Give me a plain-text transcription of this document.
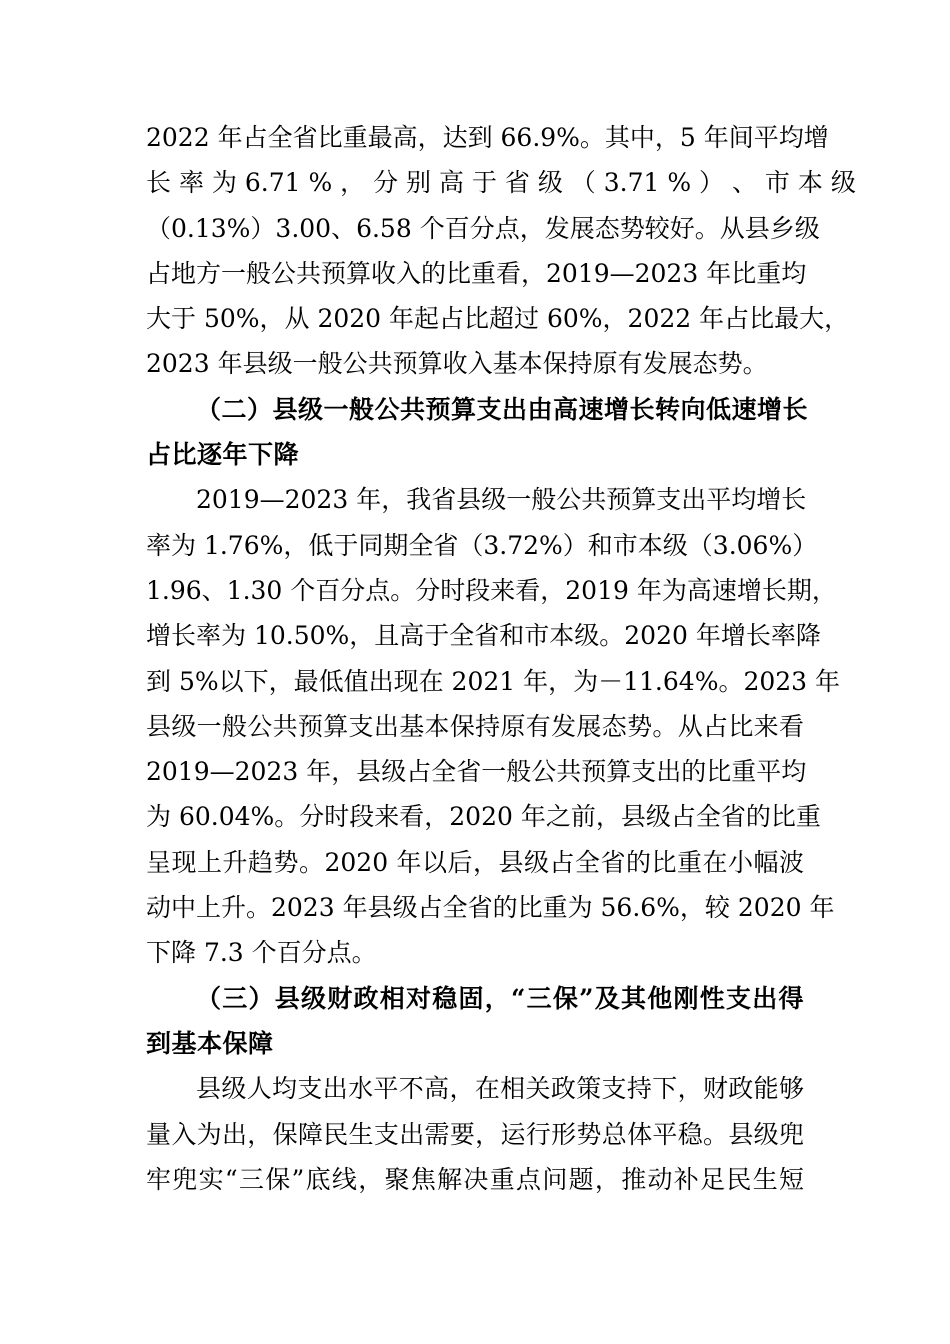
2022 年占全省比重最高，达到 66.9%。其中，5 年间平均增
长 率 为 6.71 % ， 分 别 高 于 省 级 （ 3.71 % ） 、 市 本 级
（0.13%）3.00、6.58 个百分点，发展态势较好。从县乡级
占地方一般公共预算收入的比重看，2019—2023 年比重均
大于 50%，从 2020 年起占比超过 60%，2022 年占比最大，
2023 年县级一般公共预算收入基本保持原有发展态势。
（二）县级一般公共预算支出由高速增长转向低速增长
占比逐年下降
2019—2023 年，我省县级一般公共预算支出平均增长
率为 1.76%，低于同期全省（3.72%）和市本级（3.06%）
1.96、1.30 个百分点。分时段来看，2019 年为高速增长期，
增长率为 10.50%，且高于全省和市本级。2020 年增长率降
到 5%以下，最低值出现在 2021 年，为－11.64%。2023 年
县级一般公共预算支出基本保持原有发展态势。从占比来看
2019—2023 年，县级占全省一般公共预算支出的比重平均
为 60.04%。分时段来看，2020 年之前，县级占全省的比重
呈现上升趋势。2020 年以后，县级占全省的比重在小幅波
动中上升。2023 年县级占全省的比重为 56.6%，较 2020 年
下降 7.3 个百分点。
（三）县级财政相对稳固，“三保”及其他刚性支出得
到基本保障
县级人均支出水平不高，在相关政策支持下，财政能够
量入为出，保障民生支出需要，运行形势总体平稳。县级兜
牢兜实“三保”底线，聚焦解决重点问题，推动补足民生短
